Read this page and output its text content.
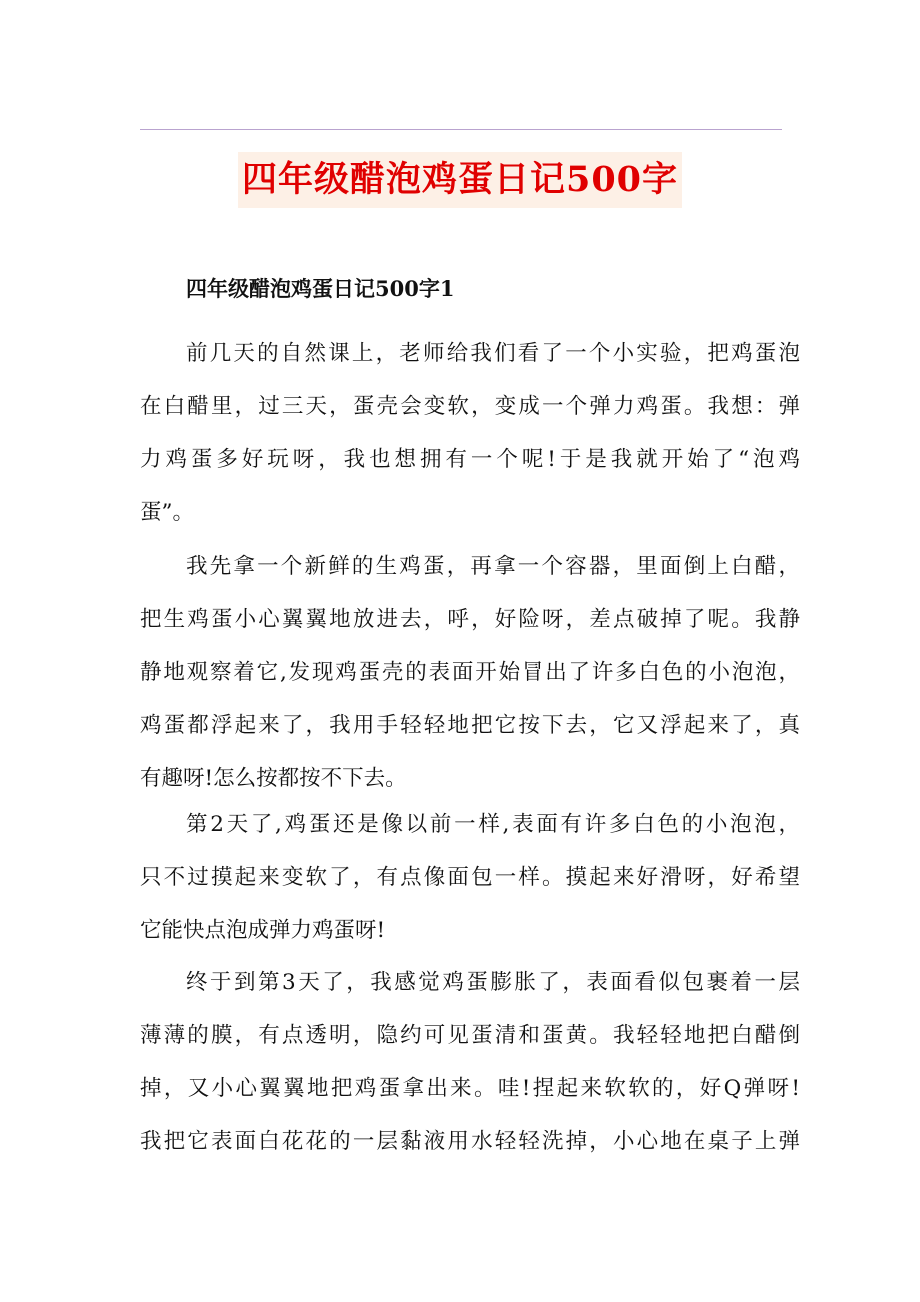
四年级醋泡鸡蛋日记500字
四年级醋泡鸡蛋日记500字1
前几天的自然课上，老师给我们看了一个小实验，把鸡蛋泡
在白醋里，过三天，蛋壳会变软，变成一个弹力鸡蛋。我想：弹
力鸡蛋多好玩呀，我也想拥有一个呢!于是我就开始了“泡鸡
蛋”。
我先拿一个新鲜的生鸡蛋，再拿一个容器，里面倒上白醋，
把生鸡蛋小心翼翼地放进去，呼，好险呀，差点破掉了呢。我静
静地观察着它,发现鸡蛋壳的表面开始冒出了许多白色的小泡泡，
鸡蛋都浮起来了，我用手轻轻地把它按下去，它又浮起来了，真
有趣呀!怎么按都按不下去。
第2天了,鸡蛋还是像以前一样,表面有许多白色的小泡泡，
只不过摸起来变软了，有点像面包一样。摸起来好滑呀，好希望
它能快点泡成弹力鸡蛋呀!
终于到第3天了，我感觉鸡蛋膨胀了，表面看似包裹着一层
薄薄的膜，有点透明，隐约可见蛋清和蛋黄。我轻轻地把白醋倒
掉，又小心翼翼地把鸡蛋拿出来。哇!捏起来软软的，好Q弹呀!
我把它表面白花花的一层黏液用水轻轻洗掉，小心地在桌子上弹
